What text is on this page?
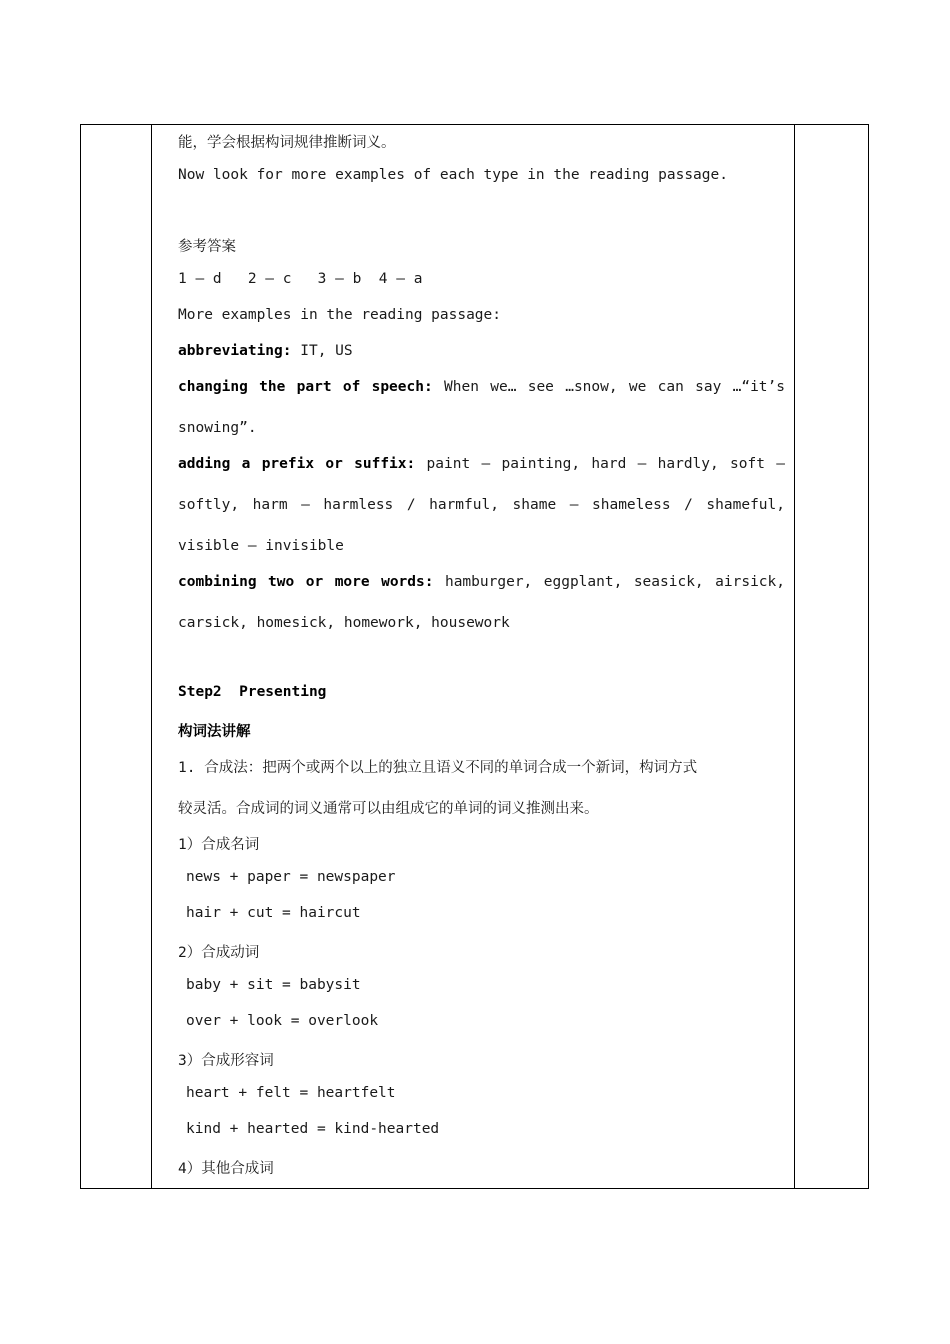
能，学会根据构词规律推断词义。
Now look for more examples of each type in the reading passage.
参考答案
1 – d   2 – c   3 – b  4 – a
More examples in the reading passage:
abbreviating: IT, US
changing the part of speech: When we… see …snow, we can say …“it’s
snowing”.
adding a prefix or suffix: paint – painting, hard – hardly, soft –
softly, harm – harmless / harmful, shame – shameless / shameful,
visible – invisible
combining two or more words: hamburger, eggplant, seasick, airsick,
carsick, homesick, homework, housework
Step2  Presenting
构词法讲解
1. 合成法：把两个或两个以上的独立且语义不同的单词合成一个新词，构词方式
较灵活。合成词的词义通常可以由组成它的单词的词义推测出来。
1）合成名词
news + paper = newspaper
hair + cut = haircut
2）合成动词
baby + sit = babysit
over + look = overlook
3）合成形容词
heart + felt = heartfelt
kind + hearted = kind-hearted
4）其他合成词
